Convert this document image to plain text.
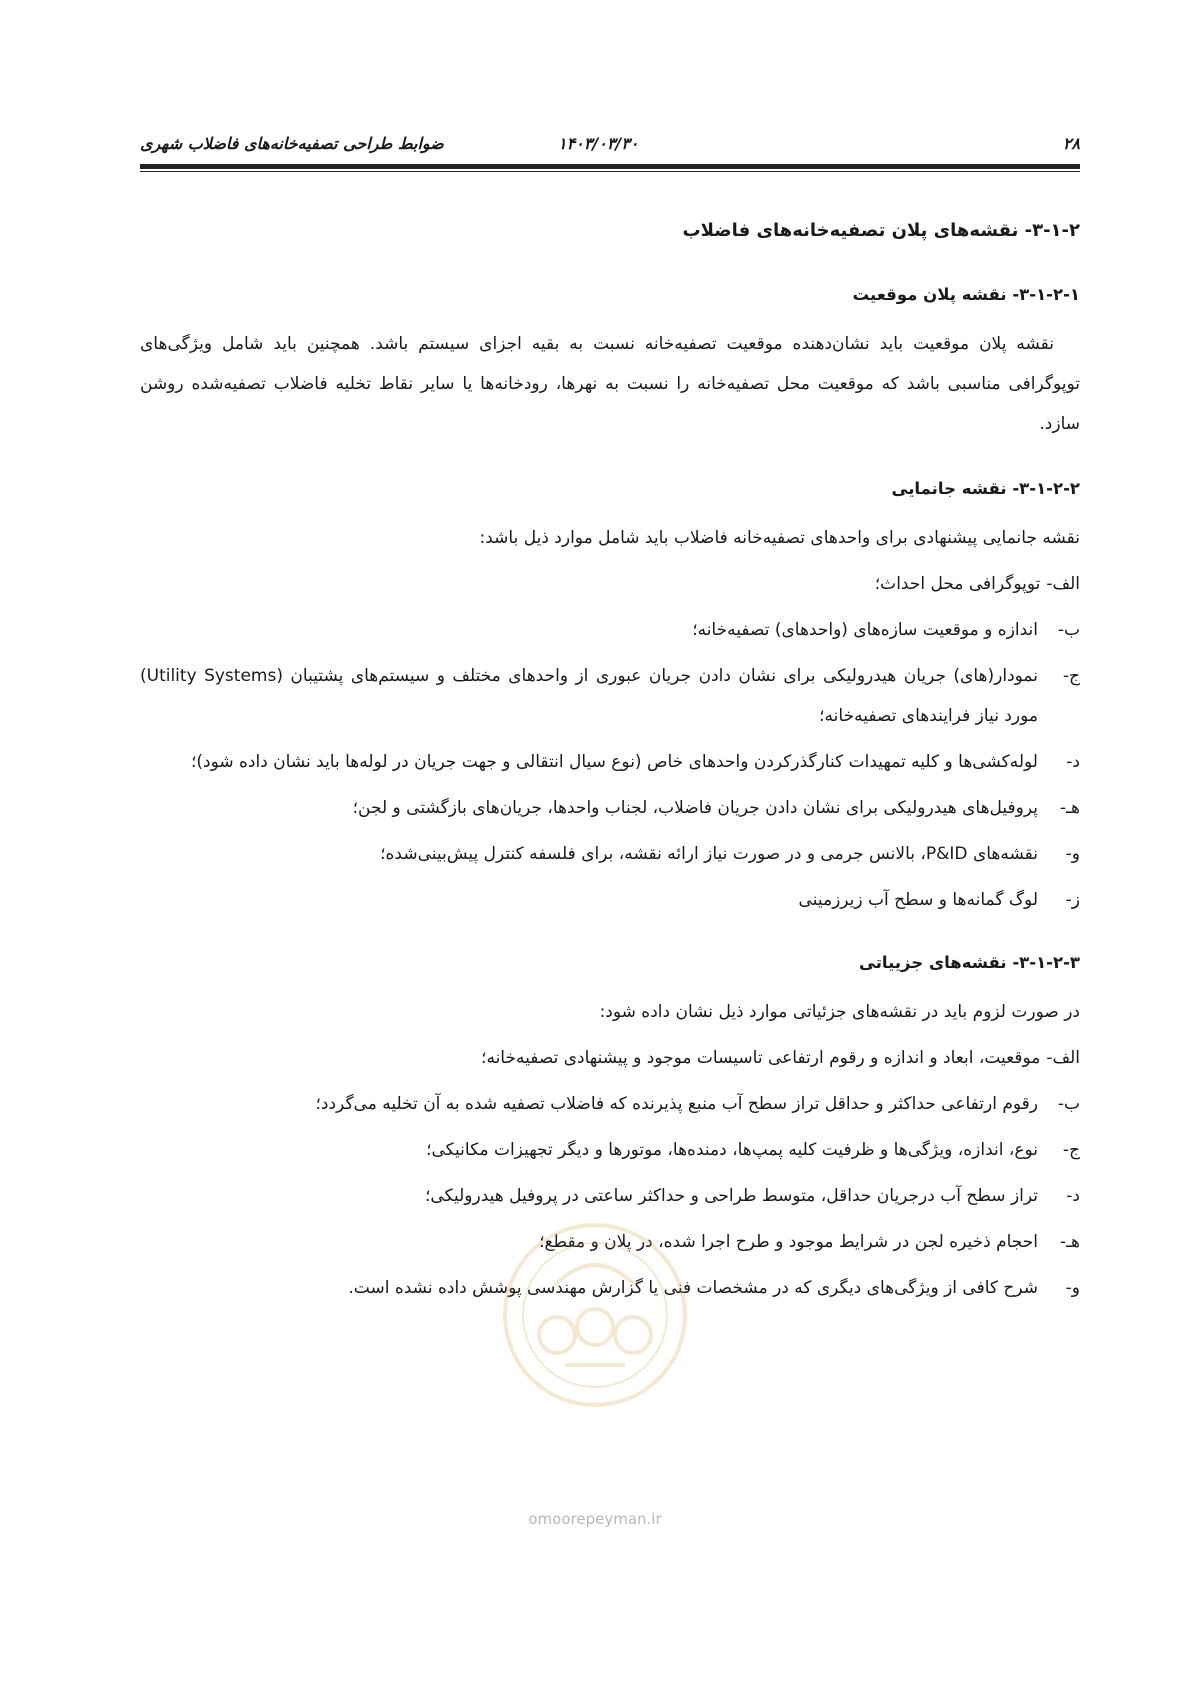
۲۸
۱۴۰۳/۰۳/۳۰
ضوابط طراحی تصفیه‌خانه‌های فاضلاب شهری
۳-۱-۲- نقشه‌های پلان تصفیه‌خانه‌های فاضلاب
۳-۱-۲-۱- نقشه پلان موقعیت

نقشه پلان موقعیت باید نشان‌دهنده موقعیت تصفیه‌خانه نسبت به بقیه اجزای سیستم باشد. همچنین باید شامل ویژگی‌های توپوگرافی مناسبی باشد که موقعیت محل تصفیه‌خانه را نسبت به نهرها، رودخانه‌ها یا سایر نقاط تخلیه فاضلاب تصفیه‌شده روشن سازد.

۳-۱-۲-۲- نقشه جانمایی

نقشه جانمایی پیشنهادی برای واحدهای تصفیه‌خانه فاضلاب باید شامل موارد ذیل باشد:

الف-
توپوگرافی محل احداث؛
ب-
اندازه و موقعیت سازه‌های (واحدهای) تصفیه‌خانه؛
ج-
نمودار(های) جریان هیدرولیکی برای نشان دادن جریان عبوری از واحدهای مختلف و سیستم‌های پشتیبان (Utility Systems) مورد نیاز فرایندهای تصفیه‌خانه؛
د-
لوله‌کشی‌ها و کلیه تمهیدات کنارگذرکردن واحدهای خاص (نوع سیال انتقالی و جهت جریان در لوله‌ها باید نشان داده شود)؛
هـ-
پروفیل‌های هیدرولیکی برای نشان دادن جریان فاضلاب، لجناب واحدها، جریان‌های بازگشتی و لجن؛
و-
نقشه‌های P&ID، بالانس جرمی و در صورت نیاز ارائه نقشه، برای فلسفه کنترل پیش‌بینی‌شده؛
ز-
لوگ گمانه‌ها و سطح آب زیرزمینی
۳-۱-۲-۳- نقشه‌های جزییاتی

در صورت لزوم باید در نقشه‌های جزئیاتی موارد ذیل نشان داده شود:

الف-
موقعیت، ابعاد و اندازه و رقوم ارتفاعی تاسیسات موجود و پیشنهادی تصفیه‌خانه؛
ب-
رقوم ارتفاعی حداکثر و حداقل تراز سطح آب منبع پذیرنده که فاضلاب تصفیه شده به آن تخلیه می‌گردد؛
ج-
نوع، اندازه، ویژگی‌ها و ظرفیت کلیه پمپ‌ها، دمنده‌ها، موتورها و دیگر تجهیزات مکانیکی؛
د-
تراز سطح آب درجریان حداقل، متوسط طراحی و حداکثر ساعتی در پروفیل هیدرولیکی؛
هـ-
احجام ذخیره لجن در شرایط موجود و طرح اجرا شده، در پلان و مقطع؛
و-
شرح کافی از ویژگی‌های دیگری که در مشخصات فنی یا گزارش مهندسی پوشش داده نشده است.
omoorepeyman.ir
